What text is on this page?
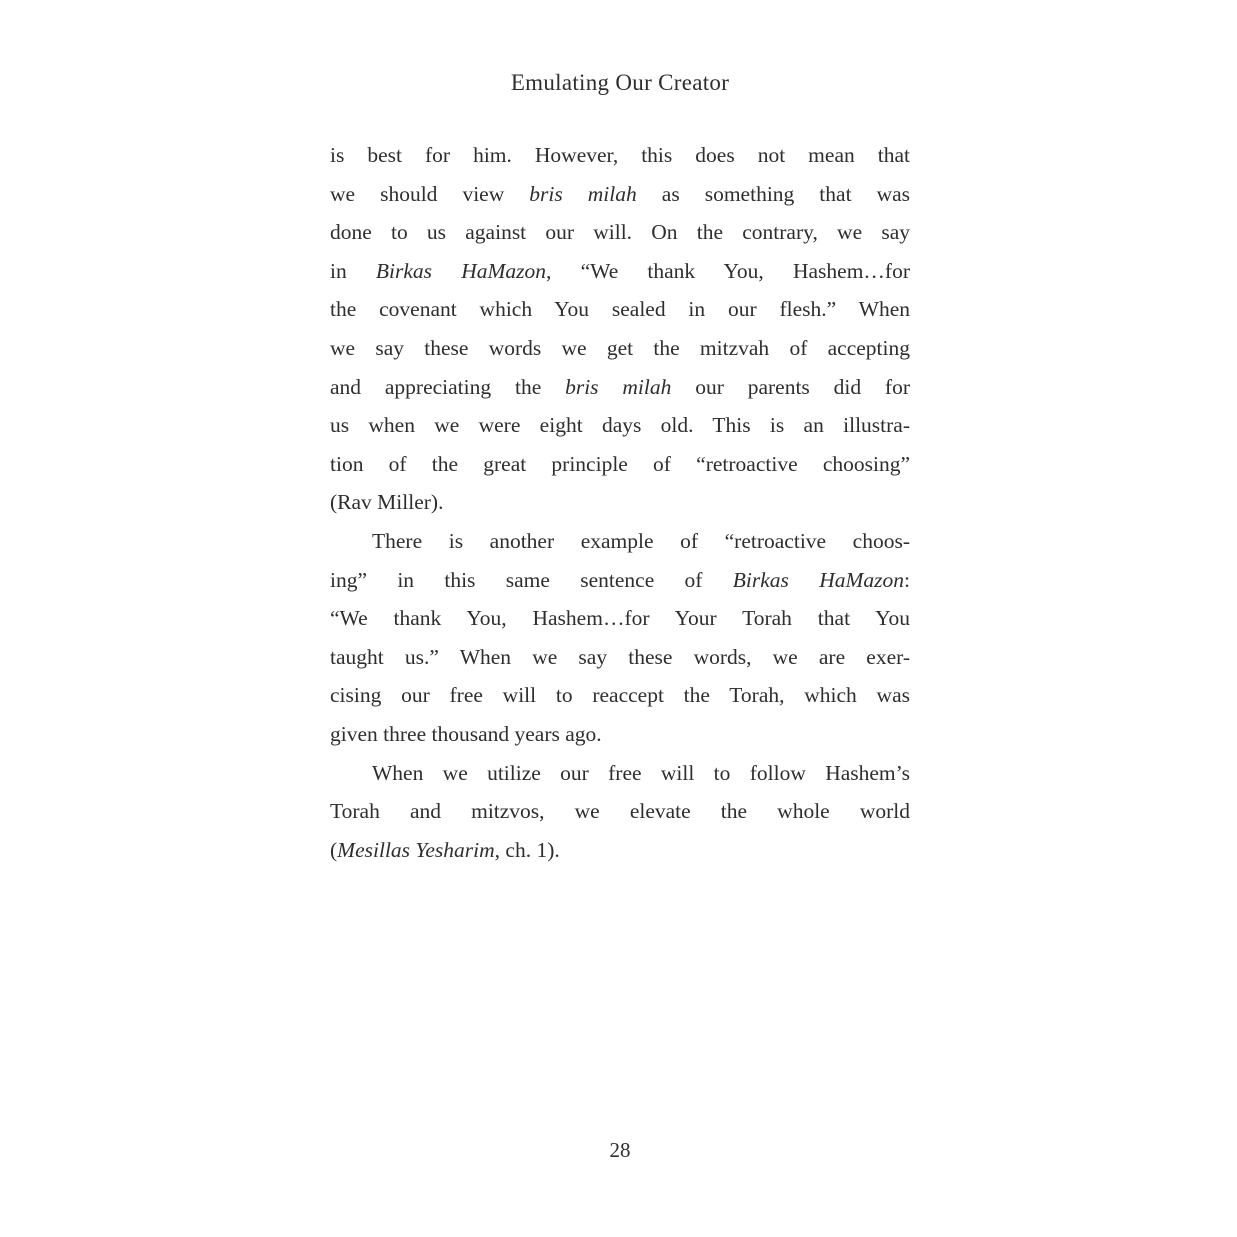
Emulating Our Creator
is best for him. However, this does not mean that
we should view bris milah as something that was
done to us against our will. On the contrary, we say
in Birkas HaMazon, “We thank You, Hashem…for
the covenant which You sealed in our flesh.” When
we say these words we get the mitzvah of accepting
and appreciating the bris milah our parents did for
us when we were eight days old. This is an illustra-
tion of the great principle of “retroactive choosing”
(Rav Miller).
There is another example of “retroactive choos-
ing” in this same sentence of Birkas HaMazon:
“We thank You, Hashem…for Your Torah that You
taught us.” When we say these words, we are exer-
cising our free will to reaccept the Torah, which was
given three thousand years ago.
When we utilize our free will to follow Hashem’s
Torah and mitzvos, we elevate the whole world
(Mesillas Yesharim, ch. 1).
28
